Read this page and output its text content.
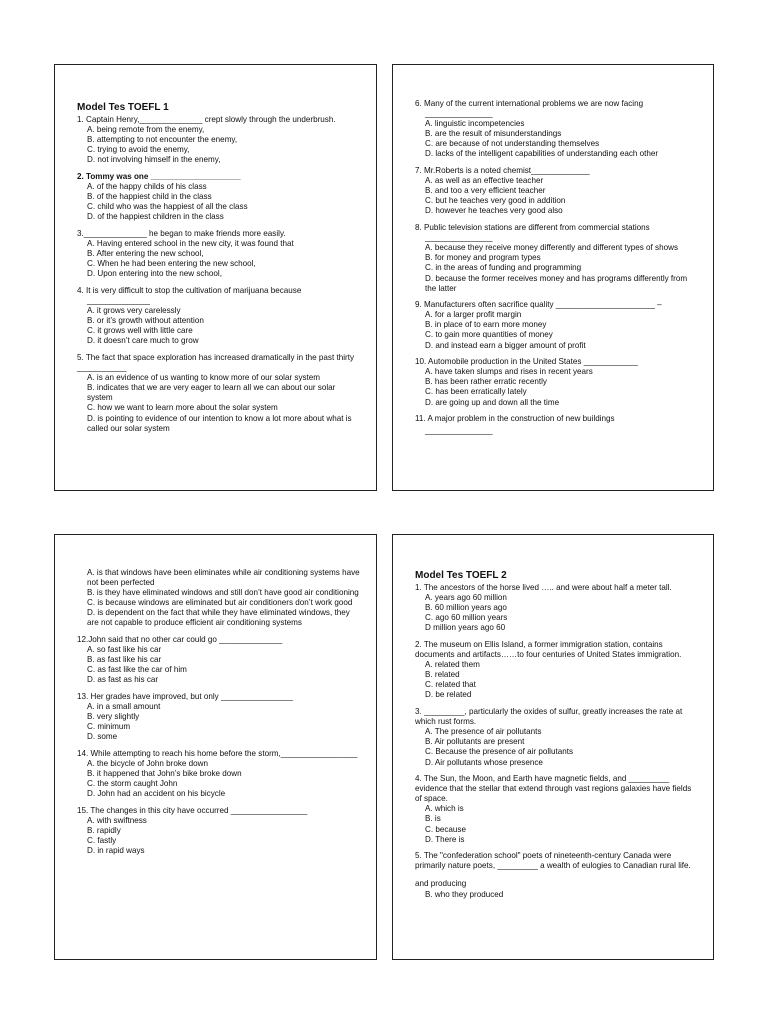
Model Tes TOEFL 1
1. Captain Henry,______________ crept slowly through the underbrush.
A. being remote from the enemy,
B. attempting to not encounter the enemy,
C. trying to avoid the enemy,
D. not involving himself in the enemy,
2. Tommy was one ____________________
A. of the happy childs of his class
B. of the happiest child in the class
C. child who was the happiest of all the class
D. of the happiest children in the class
3.______________ he began to make friends more easily.
A. Having entered school in the new city, it was found that
B. After entering the new school,
C. When he had been entering the new school,
D. Upon entering into the new school,
4. It is very difficult to stop the cultivation of marijuana because
______________
A. it grows very carelessly
B. or it’s growth without attention
C. it grows well with little care
D. it doesn’t care much to grow
5. The fact that space exploration has increased dramatically in the past thirty ___________
A. is an evidence of us wanting to know more of our solar system
B. indicates that we are very eager to learn all we can about our solar system
C. how we want to learn more about the solar system
D. is pointing to evidence of our intention to know a lot more about what is called our solar system
6. Many of the current international problems we are now facing
_______________
A. linguistic incompetencies
B. are the result of misunderstandings
C. are because of not understanding themselves
D. lacks of the intelligent capabilities of understanding each other
7. Mr.Roberts is a noted chemist_____________
A. as well as an effective teacher
B. and too a very efficient teacher
C. but he teaches very good in addition
D. however he teaches very good also
8. Public television stations are different from commercial stations
_______________
A. because they receive money differently and different types of shows
B. for money and program types
C. in the areas of funding and programming
D. because the former receives money and has programs differently from the latter
9. Manufacturers often sacrifice quality ______________________ –
A. for a larger profit margin
B. in place of to earn more money
C. to gain more quantities of money
D. and instead earn a bigger amount of profit
10. Automobile production in the United States ____________
A. have taken slumps and rises in recent years
B. has been rather erratic recently
C. has been erratically lately
D. are going up and down all the time
11. A major problem in the construction of new buildings
_______________
A. is that windows have been eliminates while air conditioning systems have not been perfected
B. is they have eliminated windows and still don’t have good air conditioning
C. is because windows are eliminated but air conditioners don’t work good
D. is dependent on the fact that while they have eliminated windows, they are not capable to produce efficient air conditioning systems
12.John said that no other car could go ______________
A. so fast like his car
B. as fast like his car
C. as fast like the car of him
D. as fast as his car
13. Her grades have improved, but only ________________
A. in a small amount
B. very slightly
C. minimum
D. some
14. While attempting to reach his home before the storm,_________________
A. the bicycle of John broke down
B. it happened that John’s bike broke down
C. the storm caught John
D. John had an accident on his bicycle
15. The changes in this city have occurred _________________
A. with swiftness
B. rapidly
C. fastly
D. in rapid ways
Model Tes TOEFL 2
1. The ancestors of the horse lived ….. and were about half a meter tall.
A. years ago 60 million
B. 60 million years ago
C. ago 60 million years
D million years ago 60
2. The museum on Ellis Island, a former immigration station, contains documents and artifacts……to four centuries of United States immigration.
A. related them
B. related
C. related that
D. be related
3. _________, particularly the oxides of sulfur, greatly increases the rate at which rust forms.
A. The presence of air pollutants
B. Air pollutants are present
C. Because the presence of air pollutants
D. Air pollutants whose presence
4. The Sun, the Moon, and Earth have magnetic fields, and _________ evidence that the stellar that extend through vast regions galaxies have fields of space.
A. which is
B. is
C. because
D. There is
5. The "confederation school" poets of nineteenth-century Canada were primarily nature poets, _________ a wealth of eulogies to Canadian rural life.
and producing
B. who they produced
